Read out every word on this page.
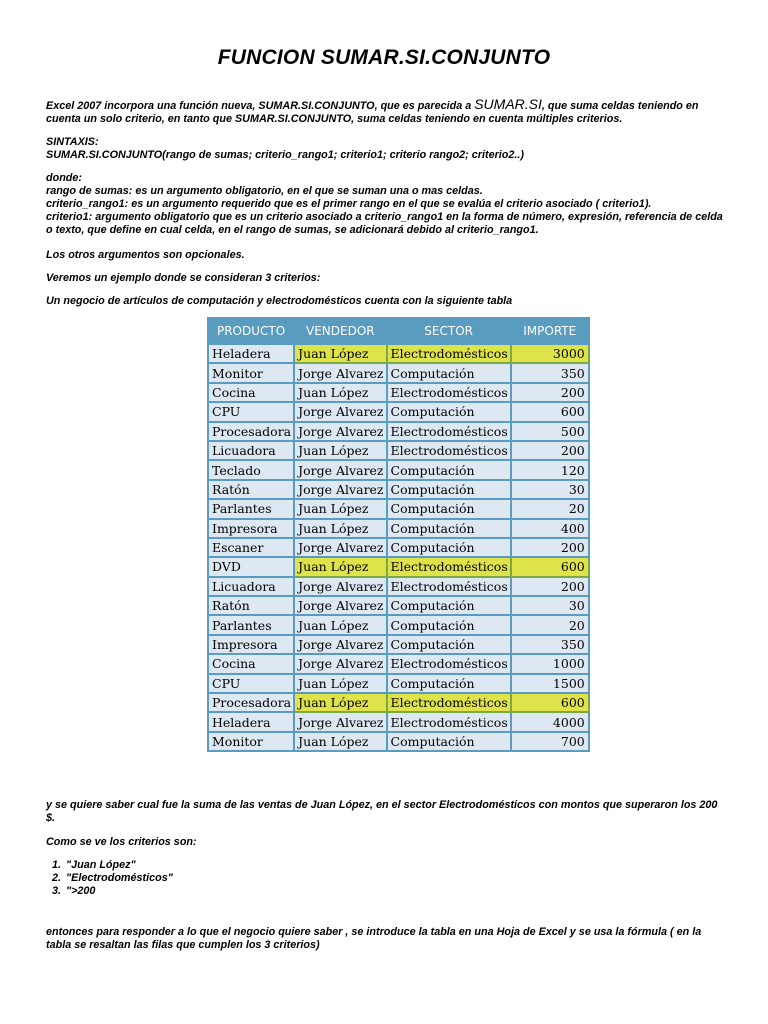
FUNCION SUMAR.SI.CONJUNTO
Excel 2007 incorpora una función nueva, SUMAR.SI.CONJUNTO, que es parecida a SUMAR.SI, que suma celdas teniendo en cuenta un solo criterio, en tanto que SUMAR.SI.CONJUNTO, suma celdas teniendo en cuenta múltiples criterios.
SINTAXIS:
SUMAR.SI.CONJUNTO(rango de sumas; criterio_rango1; criterio1; criterio rango2; criterio2..)
donde:
rango de sumas: es un argumento obligatorio, en el que se suman una o mas celdas.
criterio_rango1: es un argumento requerido que es el primer rango en el que se evalúa el criterio asociado ( criterio1).
criterio1: argumento obligatorio que es un criterio asociado a criterio_rango1 en la forma de número, expresión, referencia de celda o texto, que define en cual celda, en el rango de sumas, se adicionará debido al criterio_rango1.
Los otros argumentos son opcionales.
Veremos un ejemplo donde se consideran 3 criterios:
Un negocio de artículos de computación y electrodomésticos cuenta con la siguiente tabla
PRODUCTO	VENDEDOR	SECTOR	IMPORTE
Heladera	Juan López	Electrodomésticos	3000
Monitor	Jorge Alvarez	Computación	350
Cocina	Juan López	Electrodomésticos	200
CPU	Jorge Alvarez	Computación	600
Procesadora	Jorge Alvarez	Electrodomésticos	500
Licuadora	Juan López	Electrodomésticos	200
Teclado	Jorge Alvarez	Computación	120
Ratón	Jorge Alvarez	Computación	30
Parlantes	Juan López	Computación	20
Impresora	Juan López	Computación	400
Escaner	Jorge Alvarez	Computación	200
DVD	Juan López	Electrodomésticos	600
Licuadora	Jorge Alvarez	Electrodomésticos	200
Ratón	Jorge Alvarez	Computación	30
Parlantes	Juan López	Computación	20
Impresora	Jorge Alvarez	Computación	350
Cocina	Jorge Alvarez	Electrodomésticos	1000
CPU	Juan López	Computación	1500
Procesadora	Juan López	Electrodomésticos	600
Heladera	Jorge Alvarez	Electrodomésticos	4000
Monitor	Juan López	Computación	700
y se quiere saber cual fue la suma de las ventas de Juan López, en el sector Electrodomésticos con montos que superaron los 200 $.
Como se ve los criterios son:
1. "Juan López"
2. "Electrodomésticos"
3. ">200
entonces para responder a lo que el negocio quiere saber , se introduce la tabla en una Hoja de Excel y se usa la fórmula ( en la tabla se resaltan las filas que cumplen los 3 criterios)
